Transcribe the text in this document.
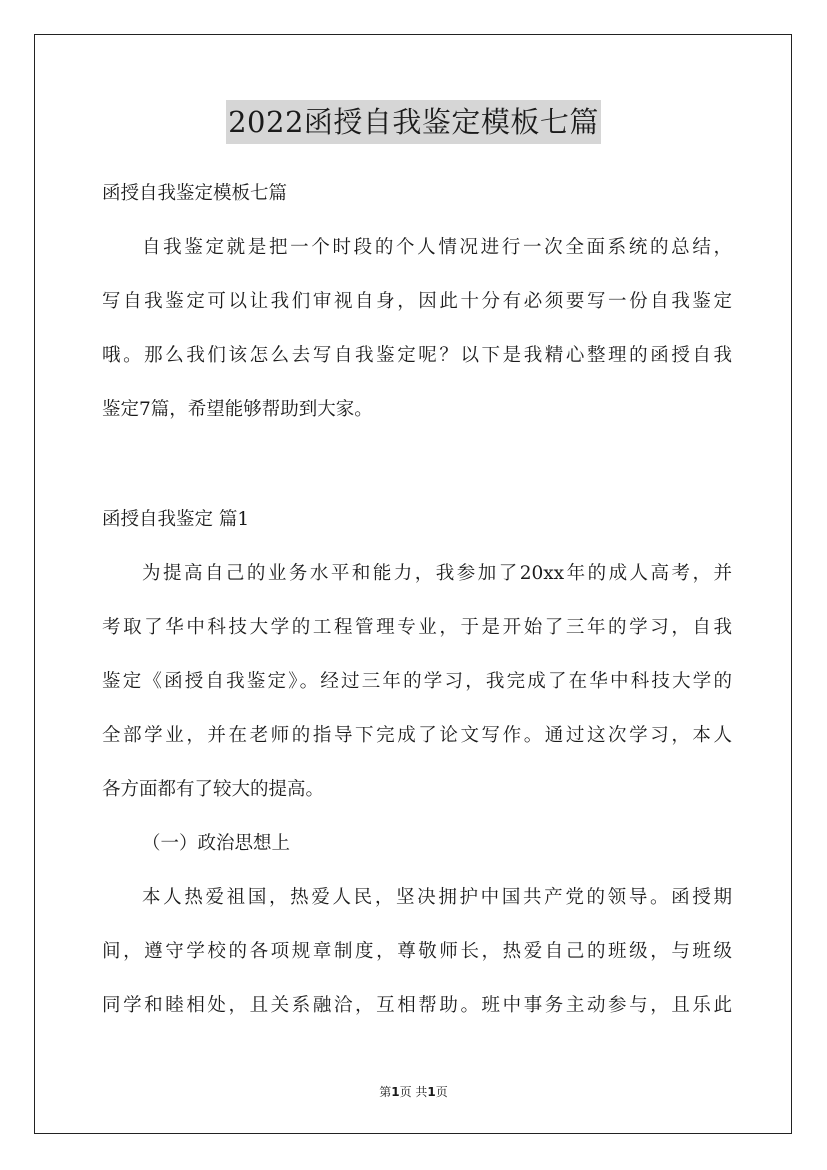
2022函授自我鉴定模板七篇
函授自我鉴定模板七篇
自我鉴定就是把一个时段的个人情况进行一次全面系统的总结，
写自我鉴定可以让我们审视自身，因此十分有必须要写一份自我鉴定
哦。那么我们该怎么去写自我鉴定呢？以下是我精心整理的函授自我
鉴定7篇，希望能够帮助到大家。
函授自我鉴定 篇1
为提高自己的业务水平和能力，我参加了20xx年的成人高考，并
考取了华中科技大学的工程管理专业，于是开始了三年的学习，自我
鉴定《函授自我鉴定》。经过三年的学习，我完成了在华中科技大学的
全部学业，并在老师的指导下完成了论文写作。通过这次学习，本人
各方面都有了较大的提高。
（一）政治思想上
本人热爱祖国，热爱人民，坚决拥护中国共产党的领导。函授期
间，遵守学校的各项规章制度，尊敬师长，热爱自己的班级，与班级
同学和睦相处，且关系融洽，互相帮助。班中事务主动参与，且乐此
第1页 共1页
